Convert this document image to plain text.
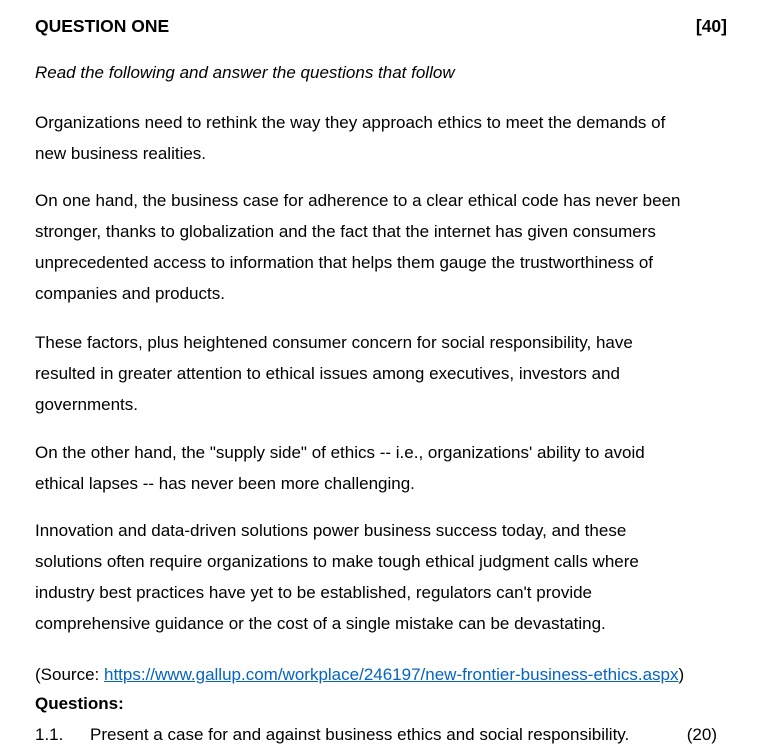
QUESTION ONE	[40]
Read the following and answer the questions that follow

Organizations need to rethink the way they approach ethics to meet the demands of
new business realities.

On one hand, the business case for adherence to a clear ethical code has never been
stronger, thanks to globalization and the fact that the internet has given consumers
unprecedented access to information that helps them gauge the trustworthiness of
companies and products.

These factors, plus heightened consumer concern for social responsibility, have
resulted in greater attention to ethical issues among executives, investors and
governments.

On the other hand, the "supply side" of ethics -- i.e., organizations' ability to avoid
ethical lapses -- has never been more challenging.

Innovation and data-driven solutions power business success today, and these
solutions often require organizations to make tough ethical judgment calls where
industry best practices have yet to be established, regulators can't provide
comprehensive guidance or the cost of a single mistake can be devastating.

(Source: https://www.gallup.com/workplace/246197/new-frontier-business-ethics.aspx)
Questions:
1.1. Present a case for and against business ethics and social responsibility.	(20)
